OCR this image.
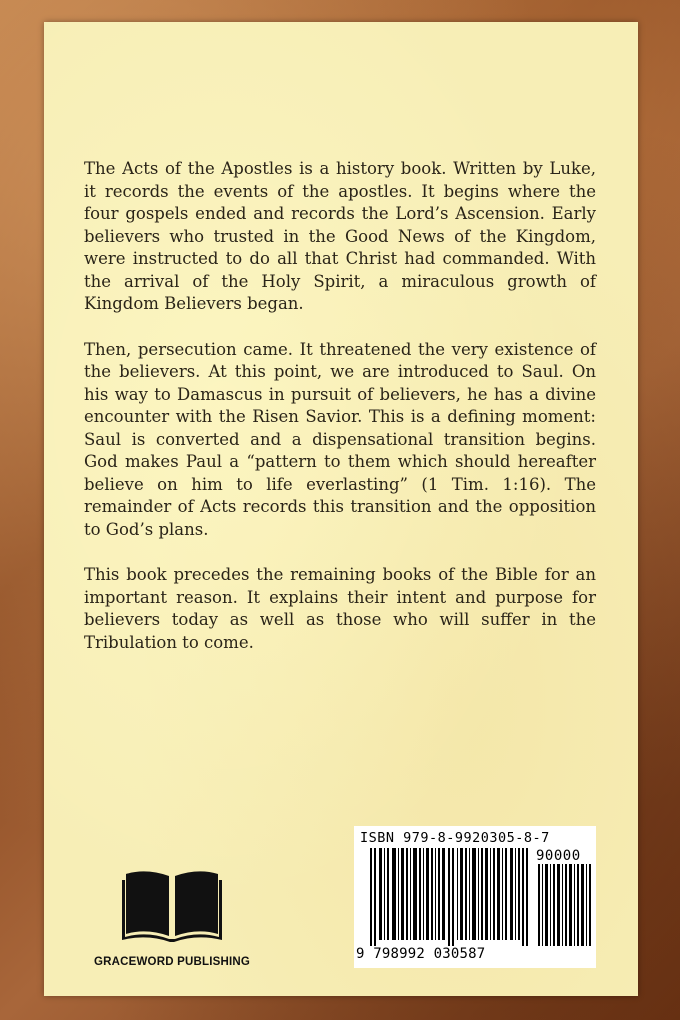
The Acts of the Apostles is a history book. Written by Luke, it records the events of the apostles. It begins where the four gospels ended and records the Lord’s Ascension. Early believers who trusted in the Good News of the Kingdom, were instructed to do all that Christ had commanded. With the arrival of the Holy Spirit, a miraculous growth of Kingdom Believers began.

Then, persecution came. It threatened the very existence of the believers. At this point, we are introduced to Saul. On his way to Damascus in pursuit of believers, he has a divine encounter with the Risen Savior. This is a defining moment: Saul is converted and a dispensational transition begins. God makes Paul a “pattern to them which should hereafter believe on him to life everlasting” (1 Tim. 1:16). The remainder of Acts records this transition and the opposition to God’s plans.

This book precedes the remaining books of the Bible for an important reason. It explains their intent and purpose for believers today as well as those who will suffer in the Tribulation to come.

GRACEWORD PUBLISHING
ISBN 979-8-9920305-8-7
90000
9 798992 030587
